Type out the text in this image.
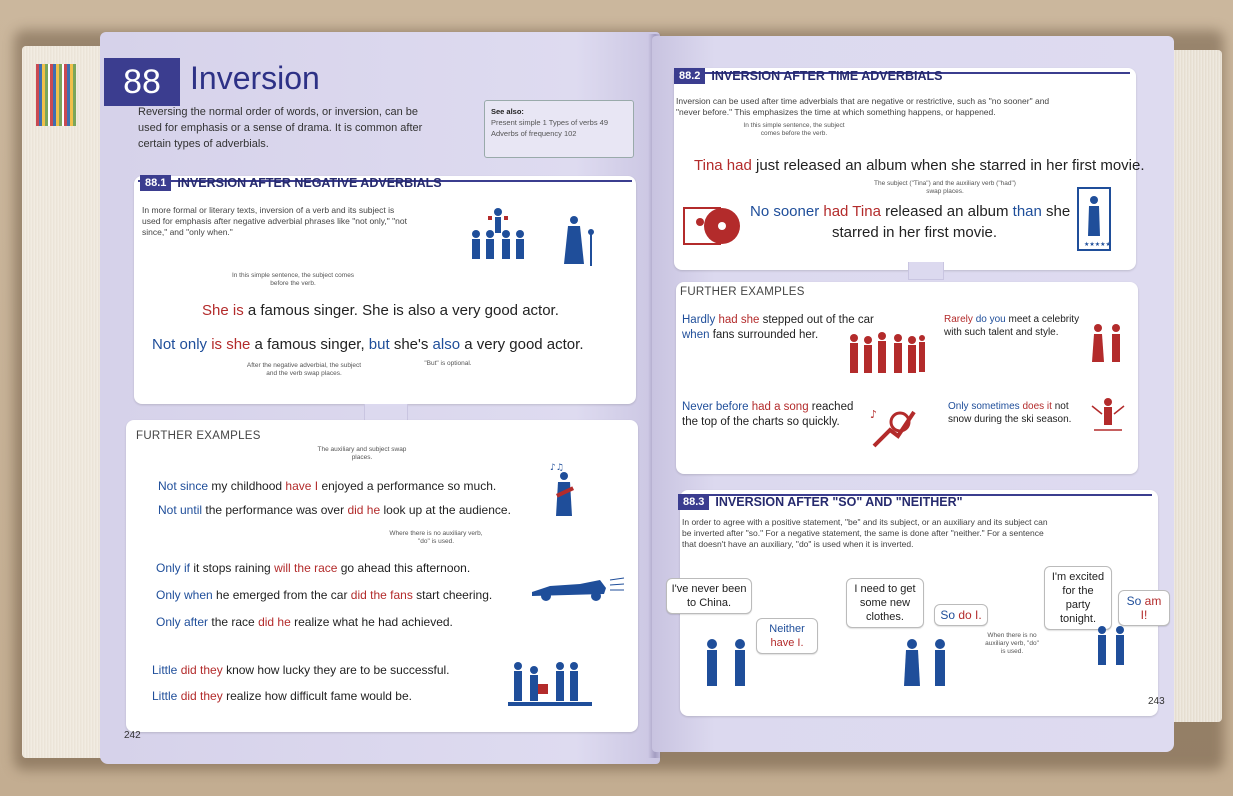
88 Inversion
Reversing the normal order of words, or inversion, can be used for emphasis or a sense of drama. It is common after certain types of adverbials.
See also:
Present simple 1 Types of verbs 49
Adverbs of frequency 102
88.1 INVERSION AFTER NEGATIVE ADVERBIALS
In more formal or literary texts, inversion of a verb and its subject is used for emphasis after negative adverbial phrases like "not only," "not since," and "only when."
In this simple sentence, the subject comes before the verb.
She is a famous singer. She is also a very good actor.
Not only is she a famous singer, but she's also a very good actor.
After the negative adverbial, the subject and the verb swap places.
"But" is optional.
FURTHER EXAMPLES
The auxiliary and subject swap places.
Not since my childhood have I enjoyed a performance so much.
Not until the performance was over did he look up at the audience.
Where there is no auxiliary verb, "do" is used.
♪♫
Only if it stops raining will the race go ahead this afternoon.
Only when he emerged from the car did the fans start cheering.
Only after the race did he realize what he had achieved.
Little did they know how lucky they are to be successful.
Little did they realize how difficult fame would be.
242
88.2 INVERSION AFTER TIME ADVERBIALS
Inversion can be used after time adverbials that are negative or restrictive, such as "no sooner" and "never before." This emphasizes the time at which something happens, or happened.
In this simple sentence, the subject comes before the verb.
Tina had just released an album when she starred in her first movie.
The subject ("Tina") and the auxiliary verb ("had") swap places.
No sooner had Tina released an album than she
starred in her first movie.
★★★★★
FURTHER EXAMPLES
Hardly had she stepped out of the car
when fans surrounded her.
Rarely do you meet a celebrity
with such talent and style.
Never before had a song reached
the top of the charts so quickly.
♪
Only sometimes does it not
snow during the ski season.
88.3 INVERSION AFTER "SO" AND "NEITHER"
In order to agree with a positive statement, "be" and its subject, or an auxiliary and its subject can be inverted after "so." For a negative statement, the same is done after "neither." For a sentence that doesn't have an auxiliary, "do" is used when it is inverted.
I've never been to China.
Neither have I.
I need to get some new clothes.	So do I.
When there is no auxiliary verb, "do" is used.
I'm excited for the party tonight.
So am I!
243
